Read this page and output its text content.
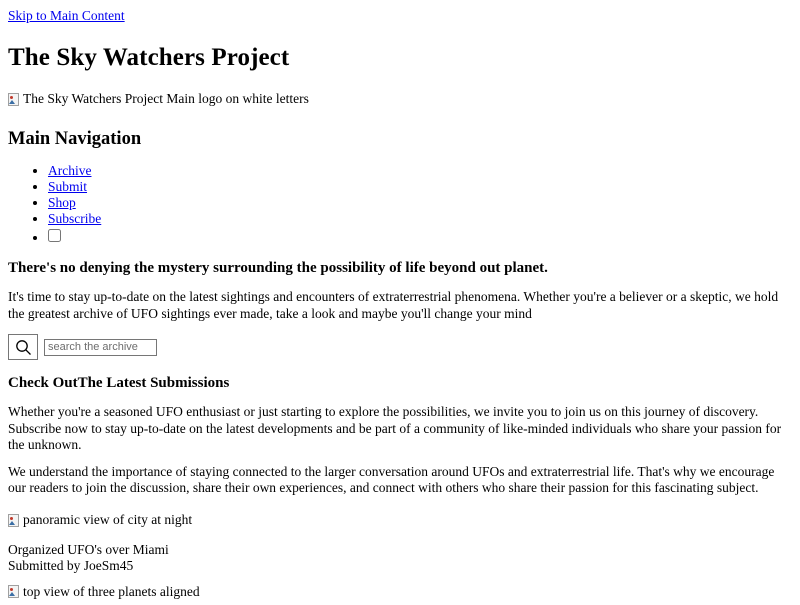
Skip to Main Content
The Sky Watchers Project
The Sky Watchers Project Main logo on white letters
Main Navigation
• Archive
• Submit
• Shop
• Subscribe
•
There's no denying the mystery surrounding the possibility of life beyond out planet.

It's time to stay up-to-date on the latest sightings and encounters of extraterrestrial phenomena. Whether you're a believer or a skeptic, we hold the greatest archive of UFO sightings ever made, take a look and maybe you'll change your mind

search the archive
Check OutThe Latest Submissions

Whether you're a seasoned UFO enthusiast or just starting to explore the possibilities, we invite you to join us on this journey of discovery. Subscribe now to stay up-to-date on the latest developments and be part of a community of like-minded individuals who share your passion for the unknown.

We understand the importance of staying connected to the larger conversation around UFOs and extraterrestrial life. That's why we encourage our readers to join the discussion, share their own experiences, and connect with others who share their passion for this fascinating subject.

panoramic view of city at night
Organized UFO's over Miami
Submitted by JoeSm45
top view of three planets aligned
